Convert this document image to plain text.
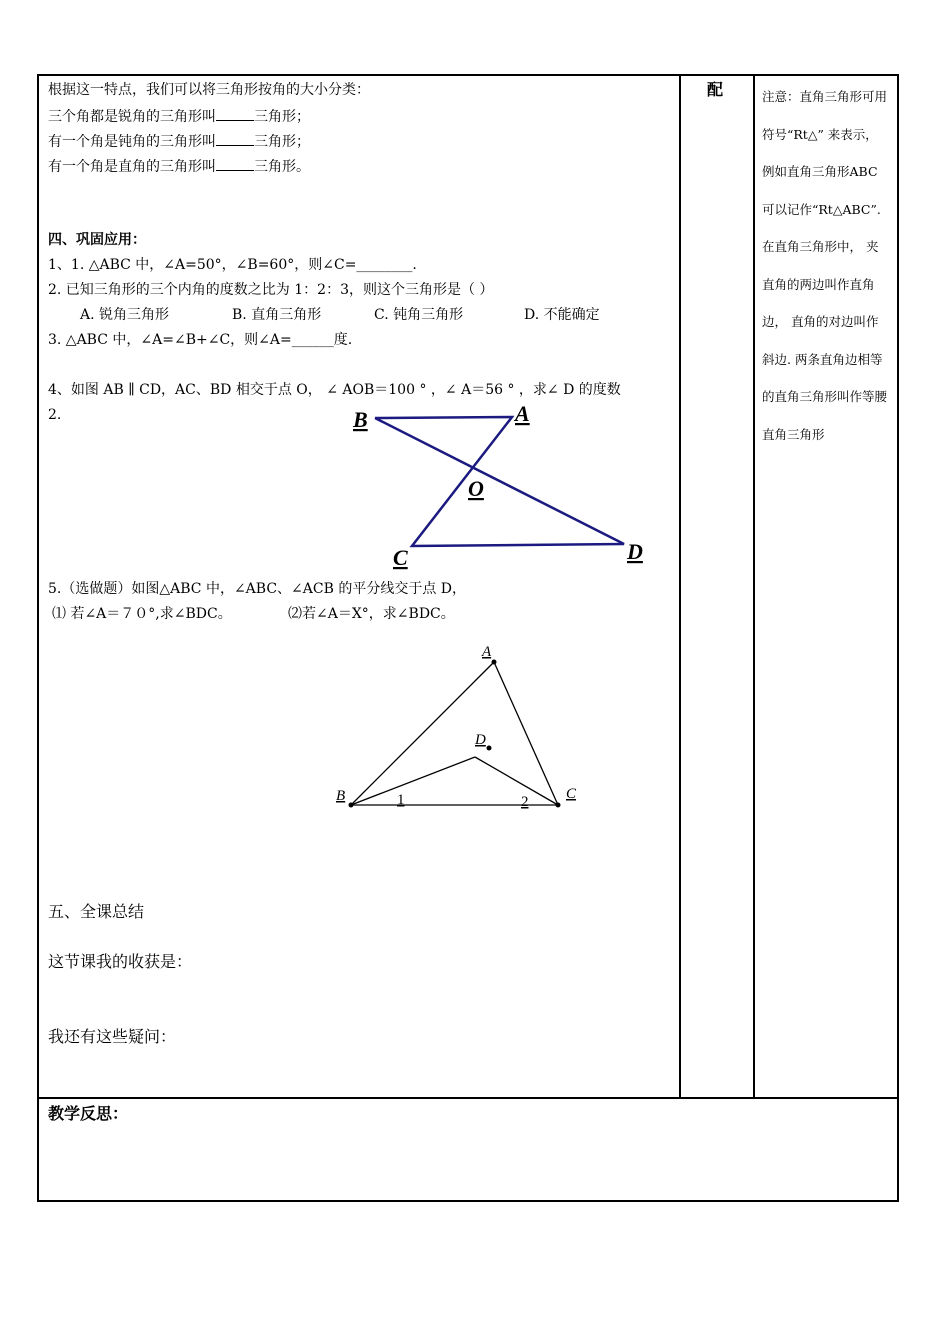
配	注意：直角三角形可用符号“Rt△” 来表示， 例如直角三角形ABC 可以记作“Rt△ABC”. 在直角三角形中， 夹直角的两边叫作直角边， 直角的对边叫作斜边. 两条直角边相等的直角三角形叫作等腰直角三角形
根据这一特点，我们可以将三角形按角的大小分类：
三个角都是锐角的三角形叫	三角形；
有一个角是钝角的三角形叫	三角形；
有一个角是直角的三角形叫	三角形。
四、巩固应用：
1、1. △ABC 中，∠A=50°，∠B=60°，则∠C=________.
2. 已知三角形的三个内角的度数之比为 1：2：3，则这个三角形是（ ）
A. 锐角三角形	B. 直角三角形	C. 钝角三角形	D. 不能确定
3. △ABC 中，∠A=∠B+∠C，则∠A=______度.
4、如图 AB ∥ CD，AC、BD 相交于点 O， ∠ AOB＝100 ° ，∠ A＝56 ° ，求∠ D 的度数
2.	B	A
O
C	D
5.（选做题）如图△ABC 中，∠ABC、∠ACB 的平分线交于点 D，
⑴ 若∠A＝７０°,求∠BDC。	⑵若∠A＝X°，求∠BDC。
A
B	C
D
1	2
五、全课总结
这节课我的收获是：
我还有这些疑问：
教学反思：
